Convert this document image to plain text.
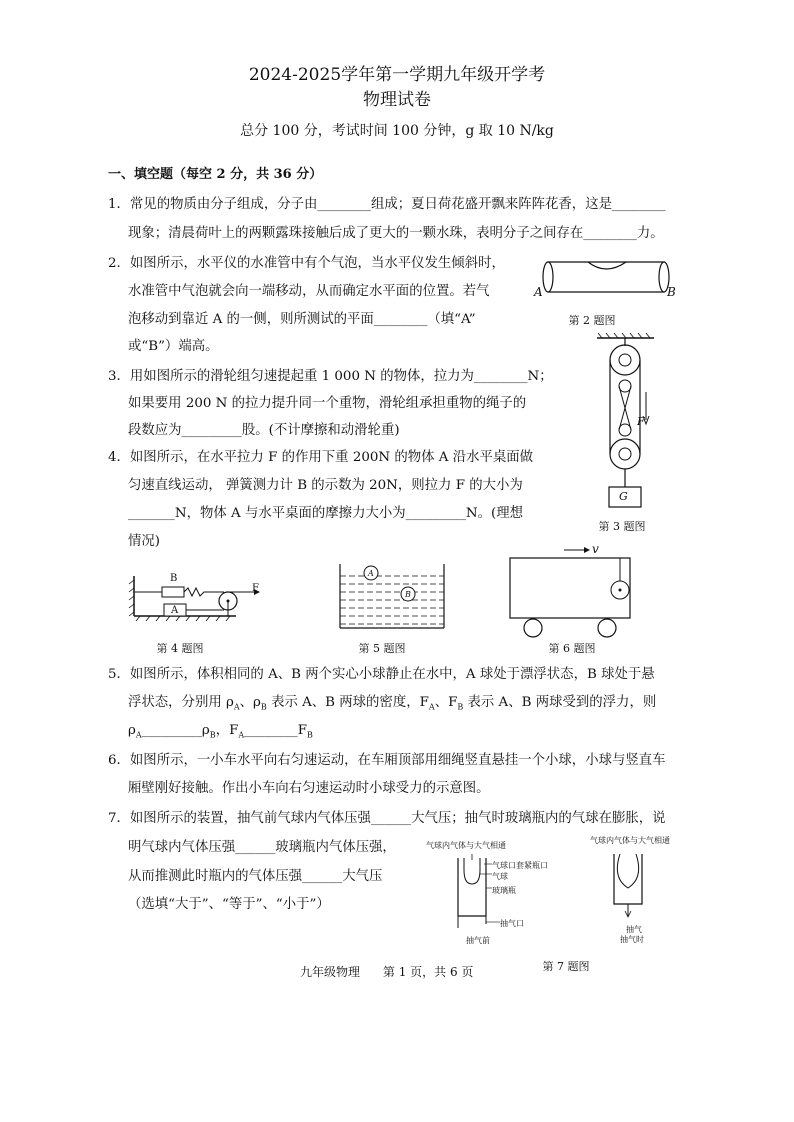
2024-2025学年第一学期九年级开学考
物理试卷
总分 100 分，考试时间 100 分钟，g 取 10 N/kg
一、填空题（每空 2 分，共 36 分）
1．常见的物质由分子组成，分子由________组成；夏日荷花盛开飘来阵阵花香，这是________
现象；清晨荷叶上的两颗露珠接触后成了更大的一颗水珠，表明分子之间存在________力。
2．如图所示，水平仪的水准管中有个气泡，当水平仪发生倾斜时，
水准管中气泡就会向一端移动，从而确定水平面的位置。若气
泡移动到靠近 A 的一侧，则所测试的平面________（填“A”
或“B”）端高。
A	B
第 2 题图
3．用如图所示的滑轮组匀速提起重 1 000 N 的物体，拉力为________N；
如果要用 200 N 的拉力提升同一个重物，滑轮组承担重物的绳子的
段数应为_________股。(不计摩擦和动滑轮重)
F
G
第 3 题图
4．如图所示，在水平拉力 F 的作用下重 200N 的物体 A 沿水平桌面做
匀速直线运动， 弹簧测力计 B 的示数为 20N，则拉力 F 的大小为
_______N，物体 A 与水平桌面的摩擦力大小为_________N。(理想
情况)
B
A
F
第 4 题图
A
B
第 5 题图
v
第 6 题图
5．如图所示，体积相同的 A、B 两个实心小球静止在水中，A 球处于漂浮状态，B 球处于悬
浮状态，分别用 $\rho_A$、$\rho_B$ 表示 A、B 两球的密度，$F_A$、$F_B$ 表示 A、B 两球受到的浮力，则
$\rho_A\_\_\_\_\_\_\_\_\_\rho_B$，$F_A\_\_\_\_\_\_\_\_F_B$
6．如图所示，一小车水平向右匀速运动，在车厢顶部用细绳竖直悬挂一个小球，小球与竖直车
厢壁刚好接触。作出小车向右匀速运动时小球受力的示意图。
7．如图所示的装置，抽气前气球内气体压强______大气压；抽气时玻璃瓶内的气球在膨胀，说
明气球内气体压强______玻璃瓶内气体压强，
从而推测此时瓶内的气体压强______大气压
（选填“大于”、“等于”、“小于”）
气球内气体与大气相通
气球口套紧瓶口
气球
玻璃瓶
抽气口
抽气前
气球内气体与大气相通
抽气
抽气时
第 7 题图
九年级物理      第 1 页，共 6 页
